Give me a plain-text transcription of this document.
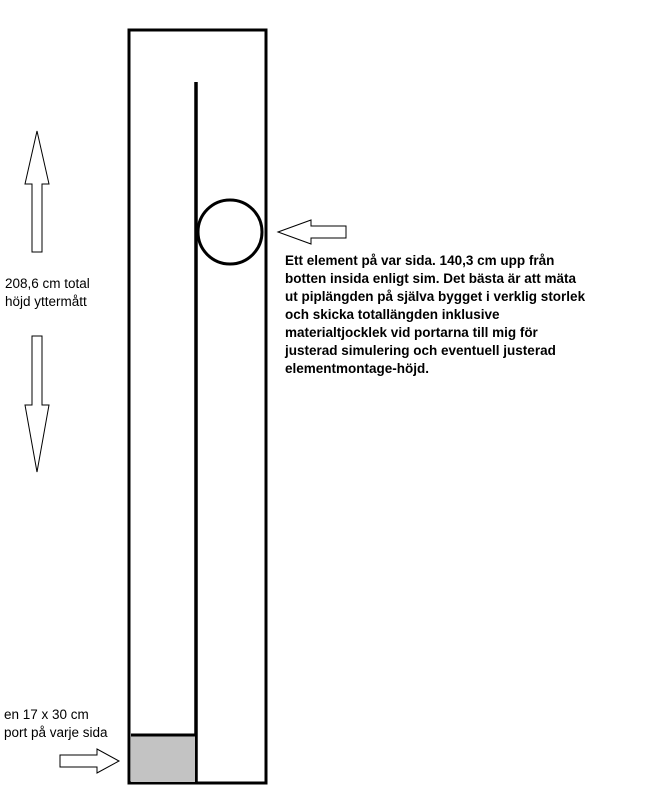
208,6 cm total
höjd yttermått
Ett element på var sida. 140,3 cm upp från
botten insida enligt sim. Det bästa är att mäta
ut piplängden på själva bygget i verklig storlek
och skicka totallängden inklusive
materialtjocklek vid portarna till mig för
justerad simulering och eventuell justerad
elementmontage-höjd.
en 17 x 30 cm
port på varje sida
